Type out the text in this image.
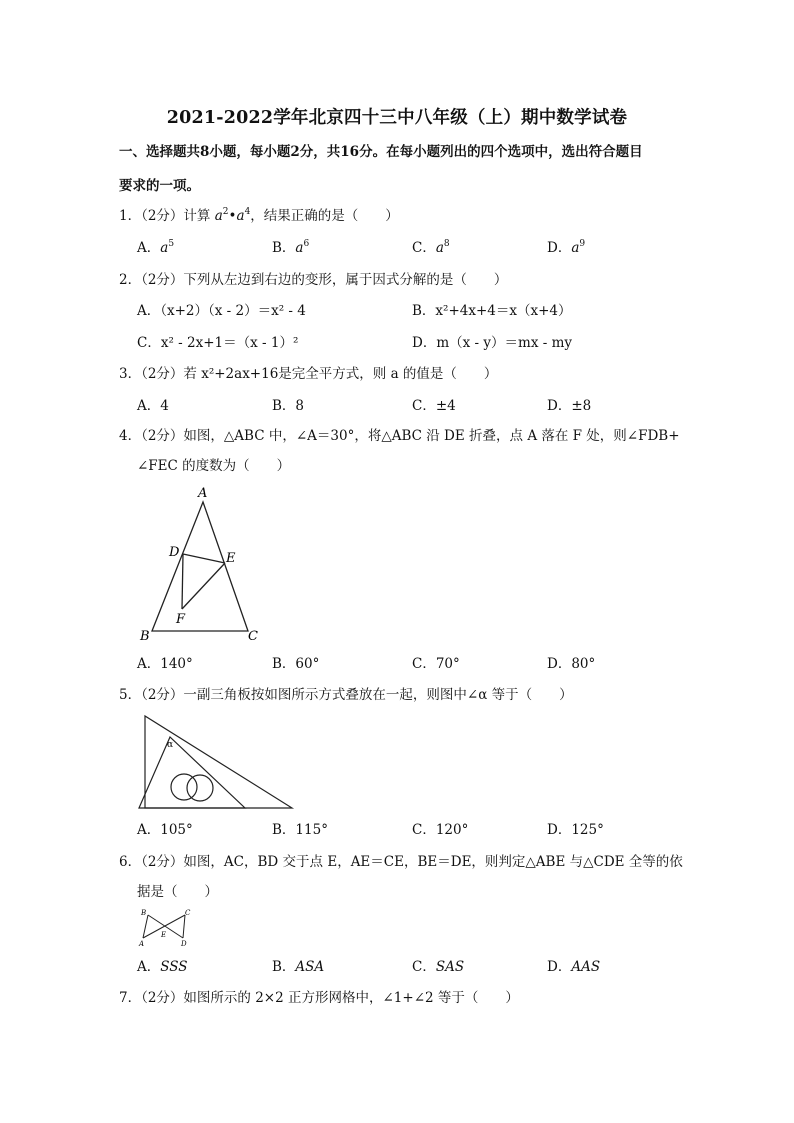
2021-2022学年北京四十三中八年级（上）期中数学试卷
一、选择题共8小题，每小题2分，共16分。在每小题列出的四个选项中，选出符合题目
要求的一项。
1．（2分）计算 $a^2•a^4$，结果正确的是（　　）
A．$a^5$	B．$a^6$	C．$a^8$	D．$a^9$
2．（2分）下列从左边到右边的变形，属于因式分解的是（　　）
A．（x+2）（x - 2）＝x² - 4	B．x²+4x+4＝x（x+4）
C．x² - 2x+1＝（x - 1）²	D．m（x - y）＝mx - my
3．（2分）若 x²+2ax+16是完全平方式，则 a 的值是（　　）
A．4	B．8	C．±4	D．±8
4．（2分）如图，△ABC 中，∠A＝30°，将△ABC 沿 DE 折叠，点 A 落在 F 处，则∠FDB+
∠FEC 的度数为（　　）
A
D	E
F
B	C
A．140°	B．60°	C．70°	D．80°
5．（2分）一副三角板按如图所示方式叠放在一起，则图中∠α 等于（　　）
α
A．105°	B．115°	C．120°	D．125°
6．（2分）如图，AC，BD 交于点 E，AE＝CE，BE＝DE，则判定△ABE 与△CDE 全等的依
据是（　　）
B	C
E
A	D
A．SSS	B．ASA	C．SAS	D．AAS
7．（2分）如图所示的 2×2 正方形网格中，∠1+∠2 等于（　　）
